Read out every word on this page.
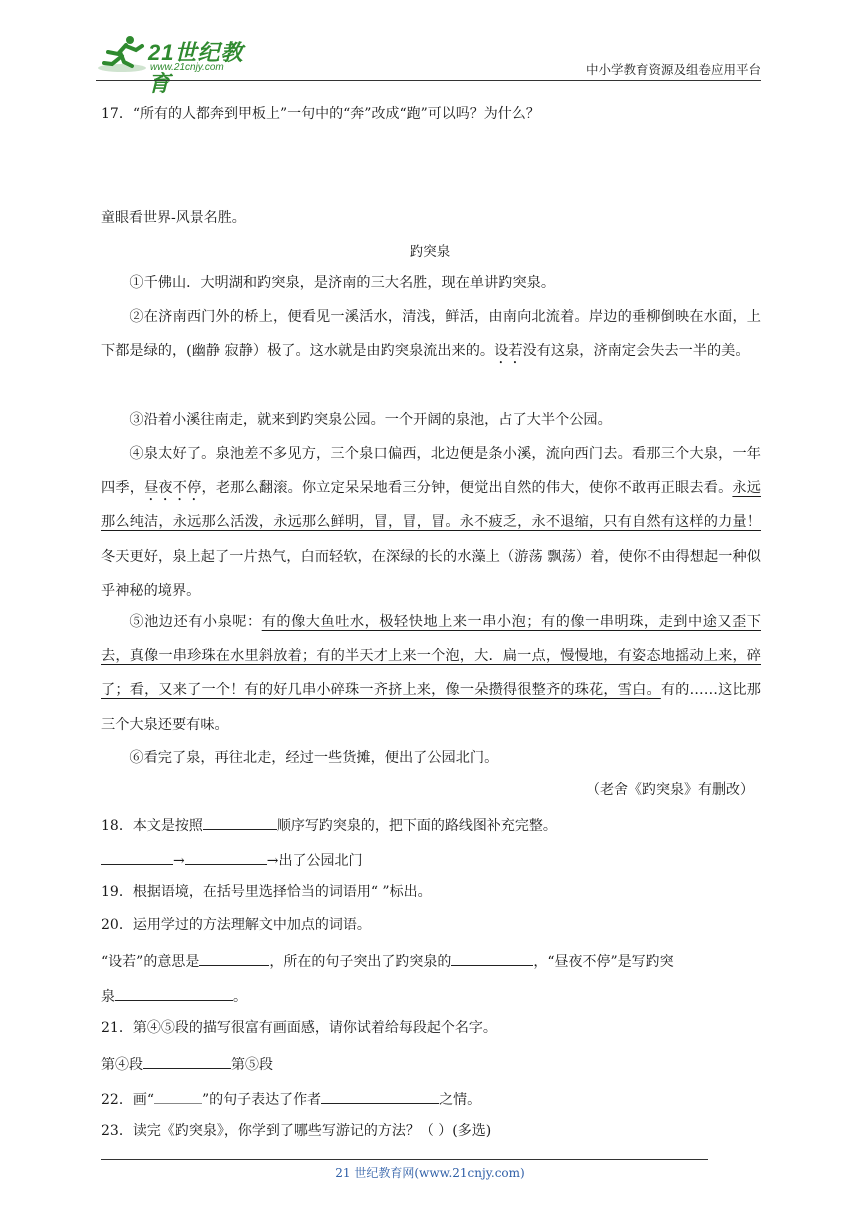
21世纪教育
www.21cnjy.com	中小学教育资源及组卷应用平台
17．“所有的人都奔到甲板上”一句中的“奔”改成“跑”可以吗？为什么？
童眼看世界-风景名胜。
趵突泉
①千佛山．大明湖和趵突泉，是济南的三大名胜，现在单讲趵突泉。
②在济南西门外的桥上，便看见一溪活水，清浅，鲜活，由南向北流着。岸边的垂柳倒映在水面，上下都是绿的，(幽静 寂静）极了。这水就是由趵突泉流出来的。设若没有这泉，济南定会失去一半的美。
③沿着小溪往南走，就来到趵突泉公园。一个开阔的泉池，占了大半个公园。
④泉太好了。泉池差不多见方，三个泉口偏西，北边便是条小溪，流向西门去。看那三个大泉，一年四季，昼夜不停，老那么翻滚。你立定呆呆地看三分钟，便觉出自然的伟大，使你不敢再正眼去看。永远那么纯洁，永远那么活泼，永远那么鲜明，冒，冒，冒。永不疲乏，永不退缩，只有自然有这样的力量！冬天更好，泉上起了一片热气，白而轻软，在深绿的长的水藻上（游荡 飘荡）着，使你不由得想起一种似乎神秘的境界。
⑤池边还有小泉呢：有的像大鱼吐水，极轻快地上来一串小泡；有的像一串明珠，走到中途又歪下去，真像一串珍珠在水里斜放着；有的半天才上来一个泡，大．扁一点，慢慢地，有姿态地摇动上来，碎了；看，又来了一个！有的好几串小碎珠一齐挤上来，像一朵攒得很整齐的珠花，雪白。有的……这比那三个大泉还要有味。
⑥看完了泉，再往北走，经过一些货摊，便出了公园北门。
（老舍《趵突泉》有删改）
18．本文是按照	顺序写趵突泉的，把下面的路线图补充完整。
→	→出了公园北门
19．根据语境，在括号里选择恰当的词语用“ ”标出。
20．运用学过的方法理解文中加点的词语。
“设若”的意思是	，所在的句子突出了趵突泉的	，“昼夜不停”是写趵突
泉	。
21．第④⑤段的描写很富有画面感，请你试着给每段起个名字。
第④段	第⑤段
22．画“	”的句子表达了作者	之情。
23．读完《趵突泉》，你学到了哪些写游记的方法？（ ）(多选)
21 世纪教育网(www.21cnjy.com)
